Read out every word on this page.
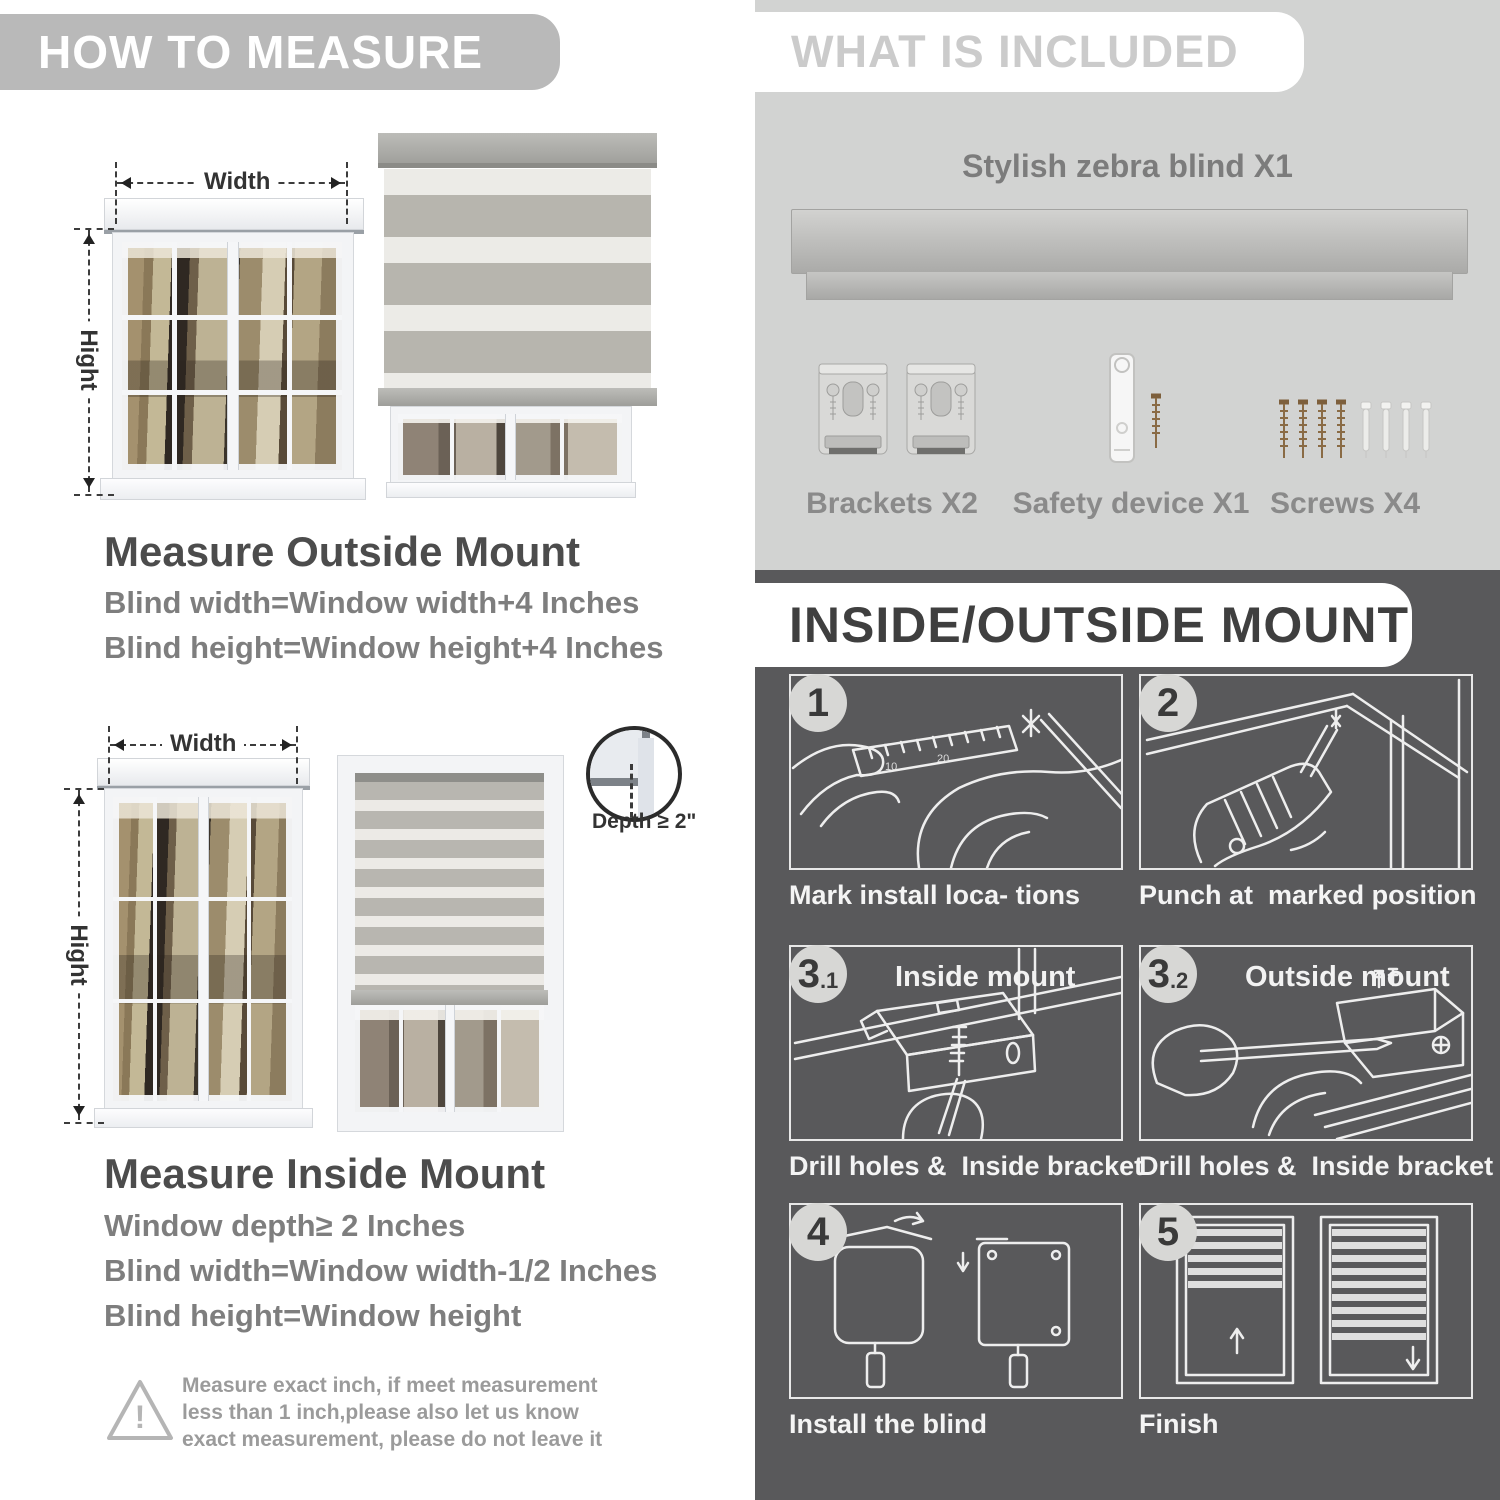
HOW TO MEASURE
Width
Hight
Measure Outside Mount
Blind width=Window width+4 Inches
Blind height=Window height+4 Inches
Width
Hight
Depth ≥ 2"
Measure Inside Mount
Window depth≥ 2 Inches
Blind width=Window width-1/2 Inches
Blind height=Window height
!
Measure exact inch, if meet measurement less than 1 inch,please also let us know exact measurement, please do not leave it
WHAT IS INCLUDED
Stylish zebra blind X1
Brackets X2 Safety device X1 Screws X4
INSIDE/OUTSIDE MOUNT
10
20
1
Mark install loca- tions
2
Punch at  marked position
3 .1 Inside mount
Drill holes &  Inside bracket
3 .2 Outside mount
Drill holes &  Inside bracket
4
Install the blind
5
Finish
